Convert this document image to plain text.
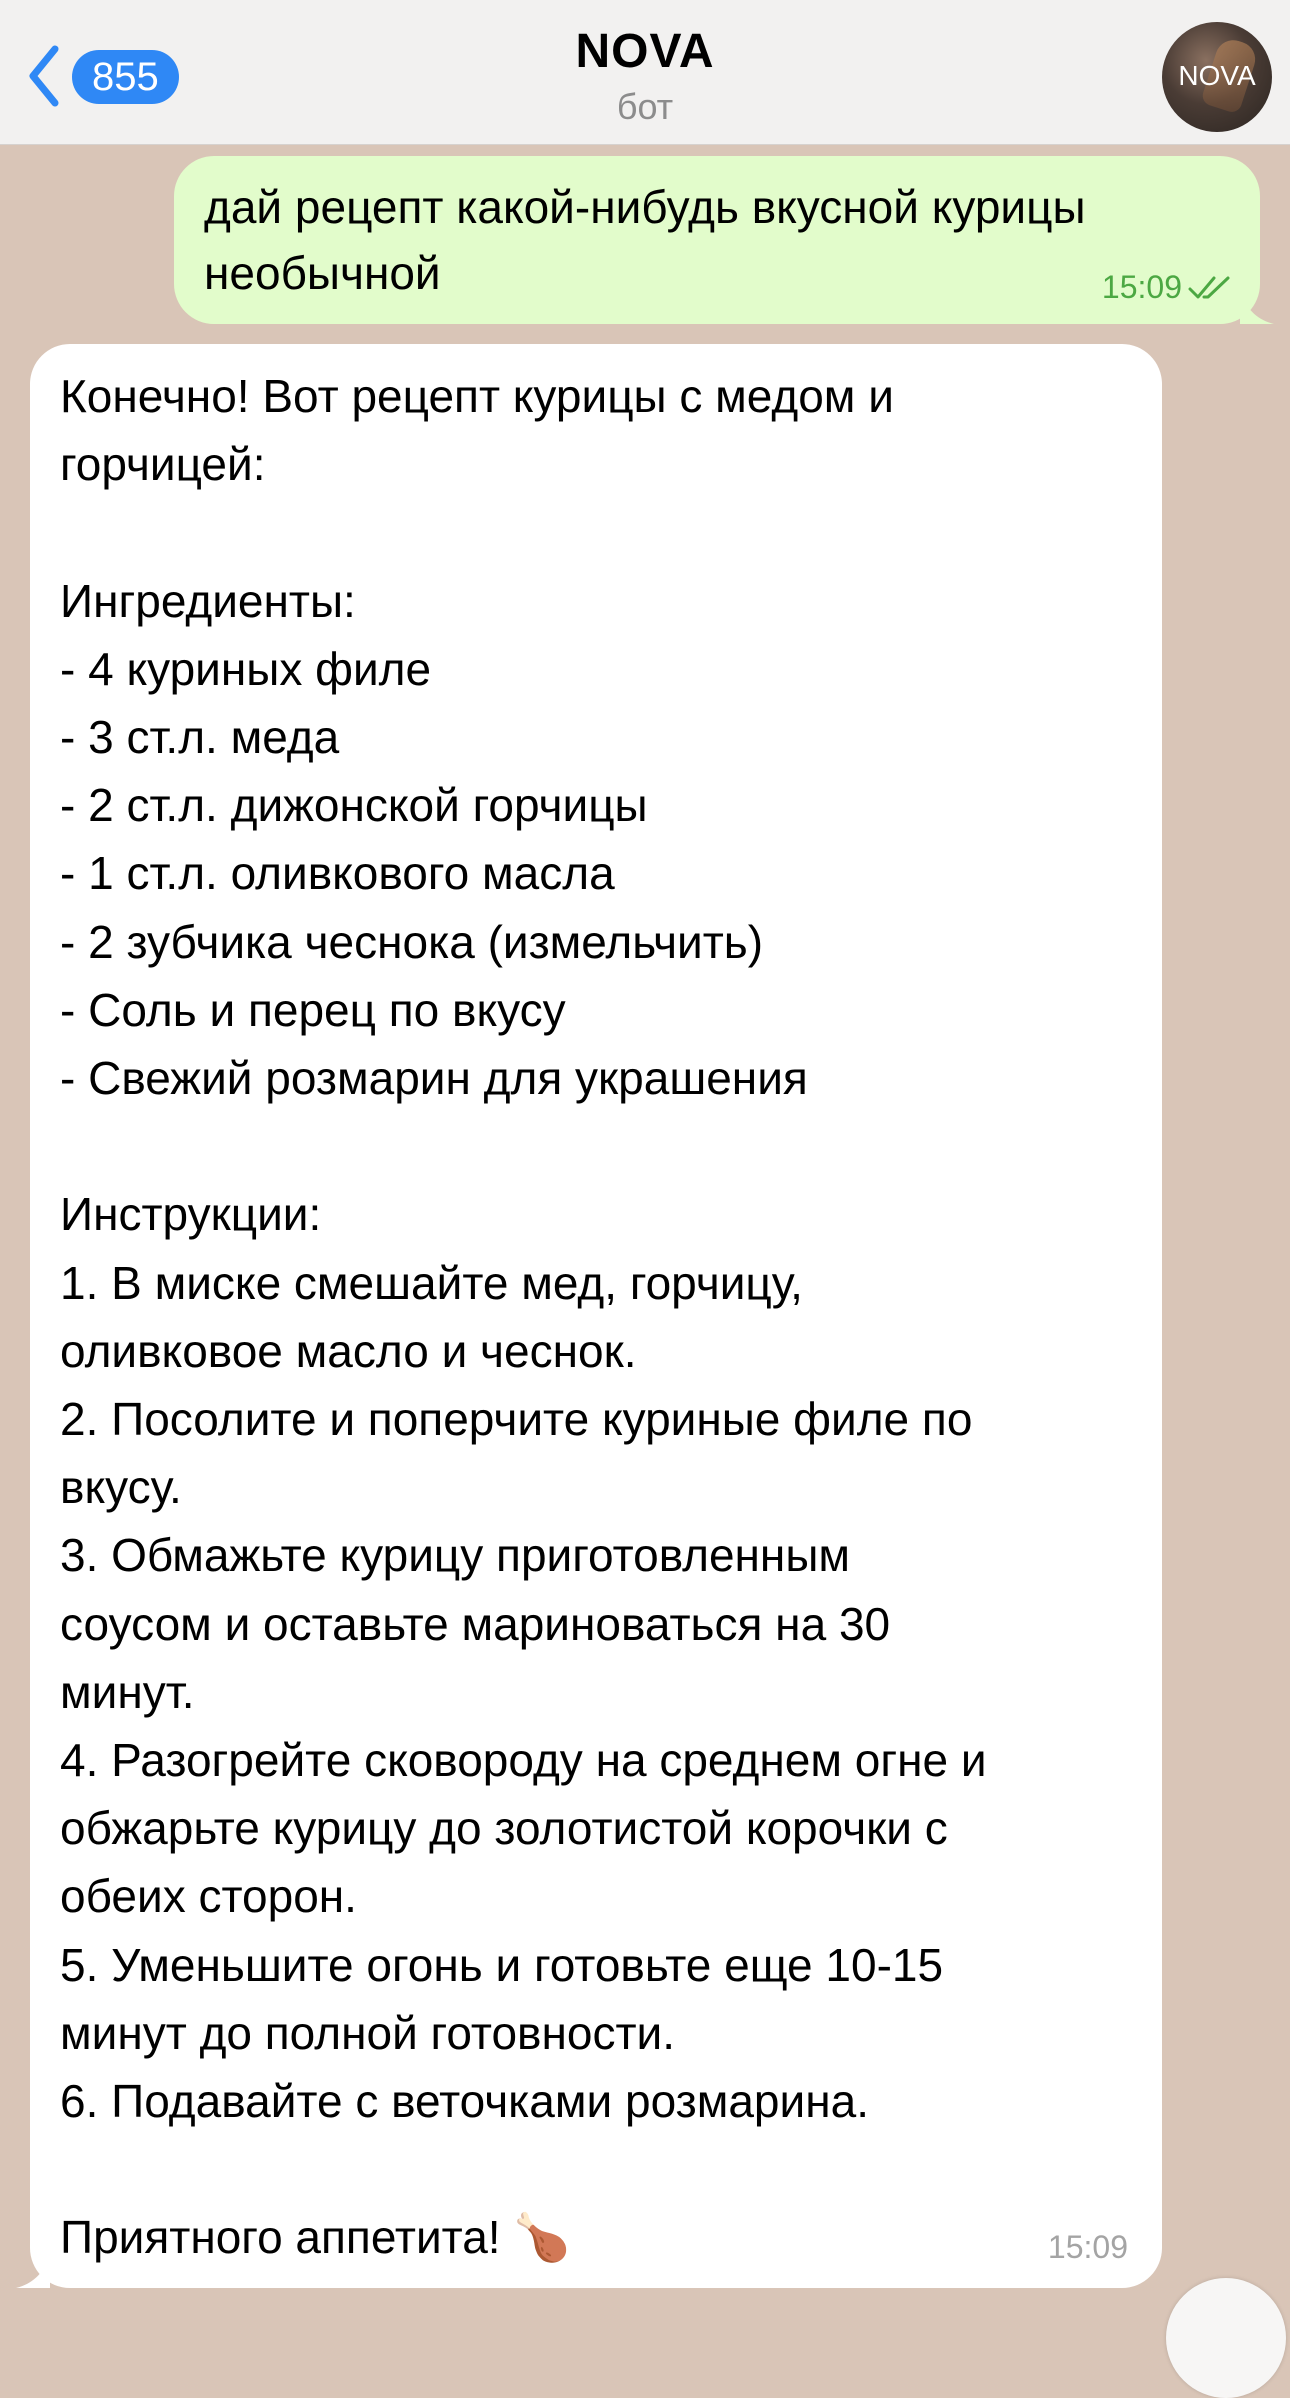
855	NOVA
бот
NOVA
дай рецепт какой-нибудь вкусной курицы необычной	15:09
Конечно! Вот рецепт курицы с медом и
горчицей:

Ингредиенты:
- 4 куриных филе
- 3 ст.л. меда
- 2 ст.л. дижонской горчицы
- 1 ст.л. оливкового масла
- 2 зубчика чеснока (измельчить)
- Соль и перец по вкусу
- Свежий розмарин для украшения

Инструкции:
1. В миске смешайте мед, горчицу,
оливковое масло и чеснок.
2. Посолите и поперчите куриные филе по
вкусу.
3. Обмажьте курицу приготовленным
соусом и оставьте мариноваться на 30
минут.
4. Разогрейте сковороду на среднем огне и
обжарьте курицу до золотистой корочки с
обеих сторон.
5. Уменьшите огонь и готовьте еще 10-15
минут до полной готовности.
6. Подавайте с веточками розмарина.

Приятного аппетита! 🍗	15:09
